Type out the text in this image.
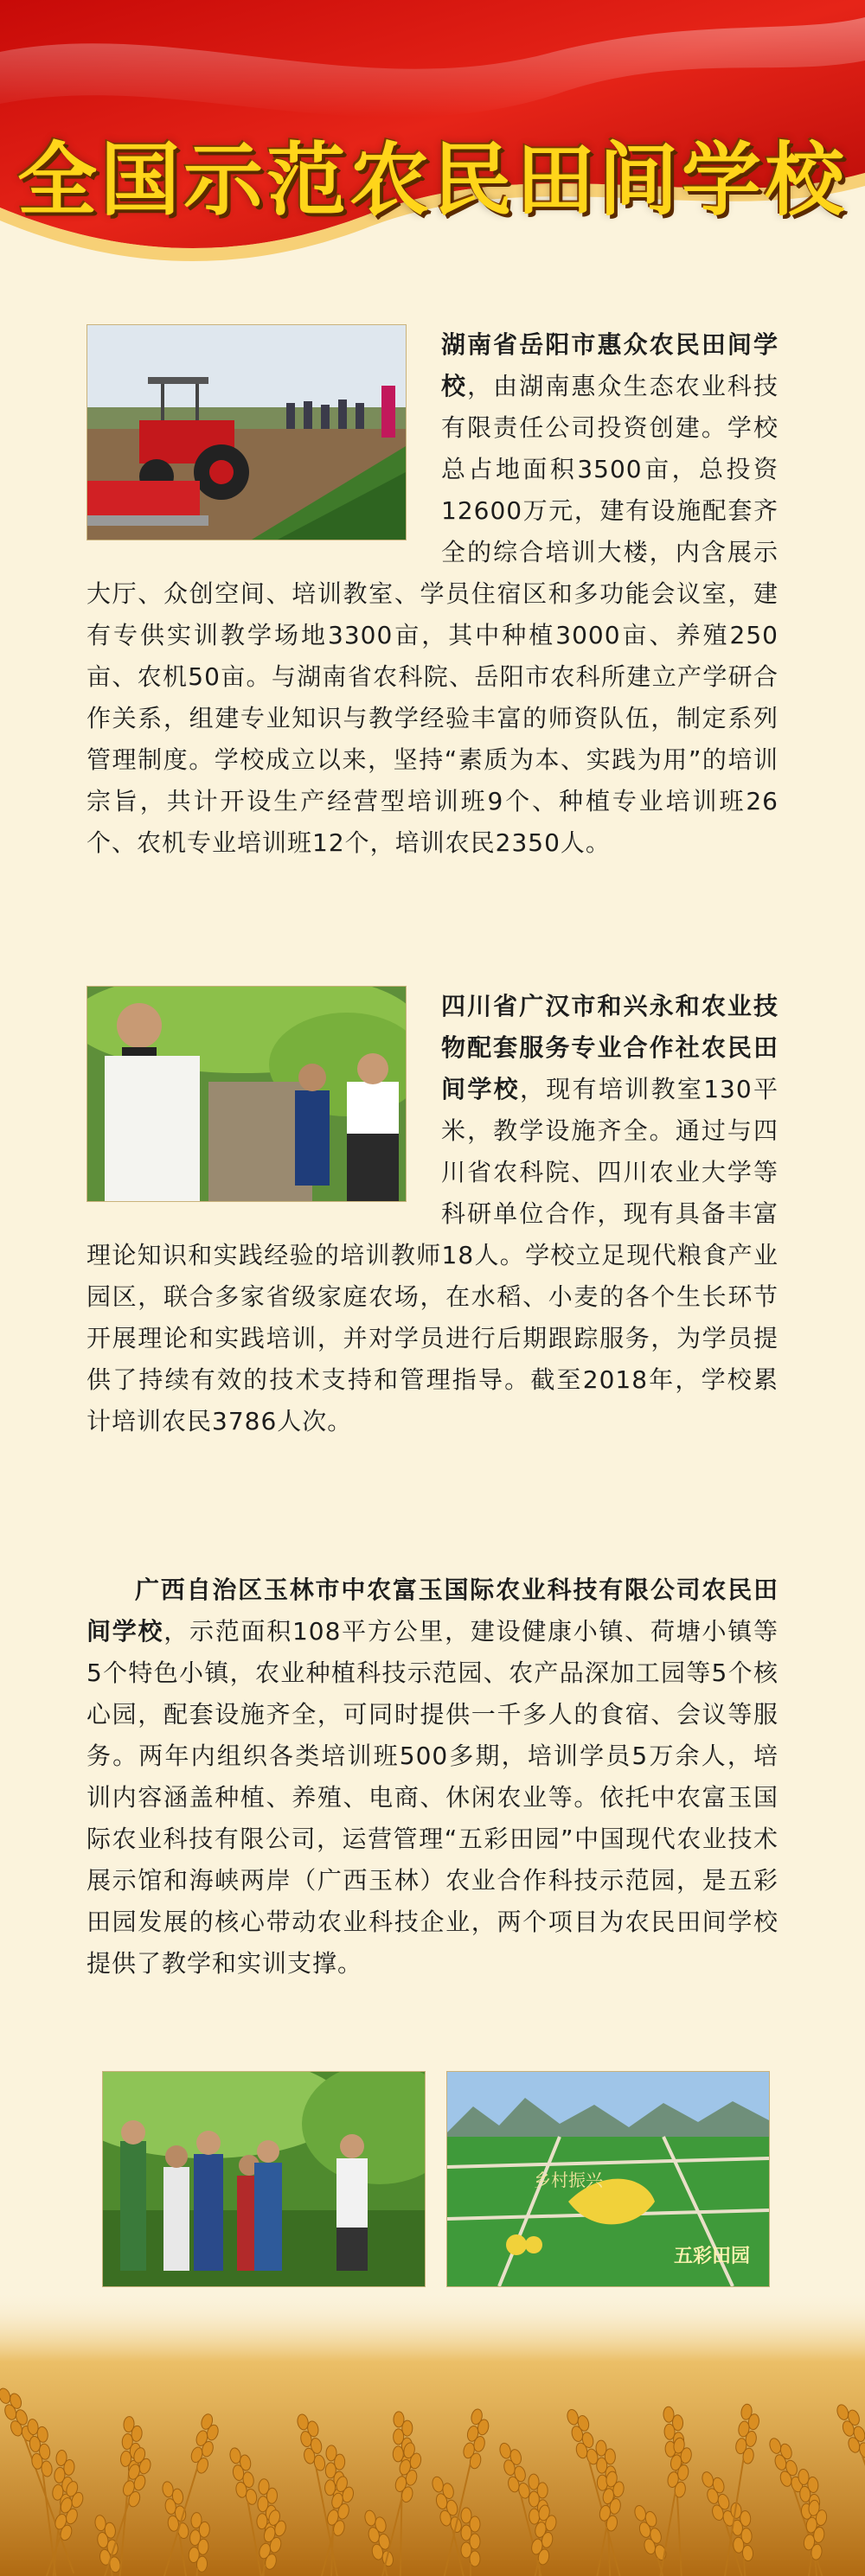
全国示范农民田间学校

湖南省岳阳市惠众农民田间学校，由湖南惠众生态农业科技有限责任公司投资创建。学校总占地面积3500亩，总投资12600万元，建有设施配套齐全的综合培训大楼，内含展示大厅、众创空间、培训教室、学员住宿区和多功能会议室，建有专供实训教学场地3300亩，其中种植3000亩、养殖250亩、农机50亩。与湖南省农科院、岳阳市农科所建立产学研合作关系，组建专业知识与教学经验丰富的师资队伍，制定系列管理制度。学校成立以来，坚持“素质为本、实践为用”的培训宗旨，共计开设生产经营型培训班9个、种植专业培训班26个、农机专业培训班12个，培训农民2350人。

四川省广汉市和兴永和农业技物配套服务专业合作社农民田间学校，现有培训教室130平米，教学设施齐全。通过与四川省农科院、四川农业大学等科研单位合作，现有具备丰富理论知识和实践经验的培训教师18人。学校立足现代粮食产业园区，联合多家省级家庭农场，在水稻、小麦的各个生长环节开展理论和实践培训，并对学员进行后期跟踪服务，为学员提供了持续有效的技术支持和管理指导。截至2018年，学校累计培训农民3786人次。

广西自治区玉林市中农富玉国际农业科技有限公司农民田间学校，示范面积108平方公里，建设健康小镇、荷塘小镇等5个特色小镇，农业种植科技示范园、农产品深加工园等5个核心园，配套设施齐全，可同时提供一千多人的食宿、会议等服务。两年内组织各类培训班500多期，培训学员5万余人，培训内容涵盖种植、养殖、电商、休闲农业等。依托中农富玉国际农业科技有限公司，运营管理“五彩田园”中国现代农业技术展示馆和海峡两岸（广西玉林）农业合作科技示范园，是五彩田园发展的核心带动农业科技企业，两个项目为农民田间学校提供了教学和实训支撑。

乡村振兴
五彩田园
